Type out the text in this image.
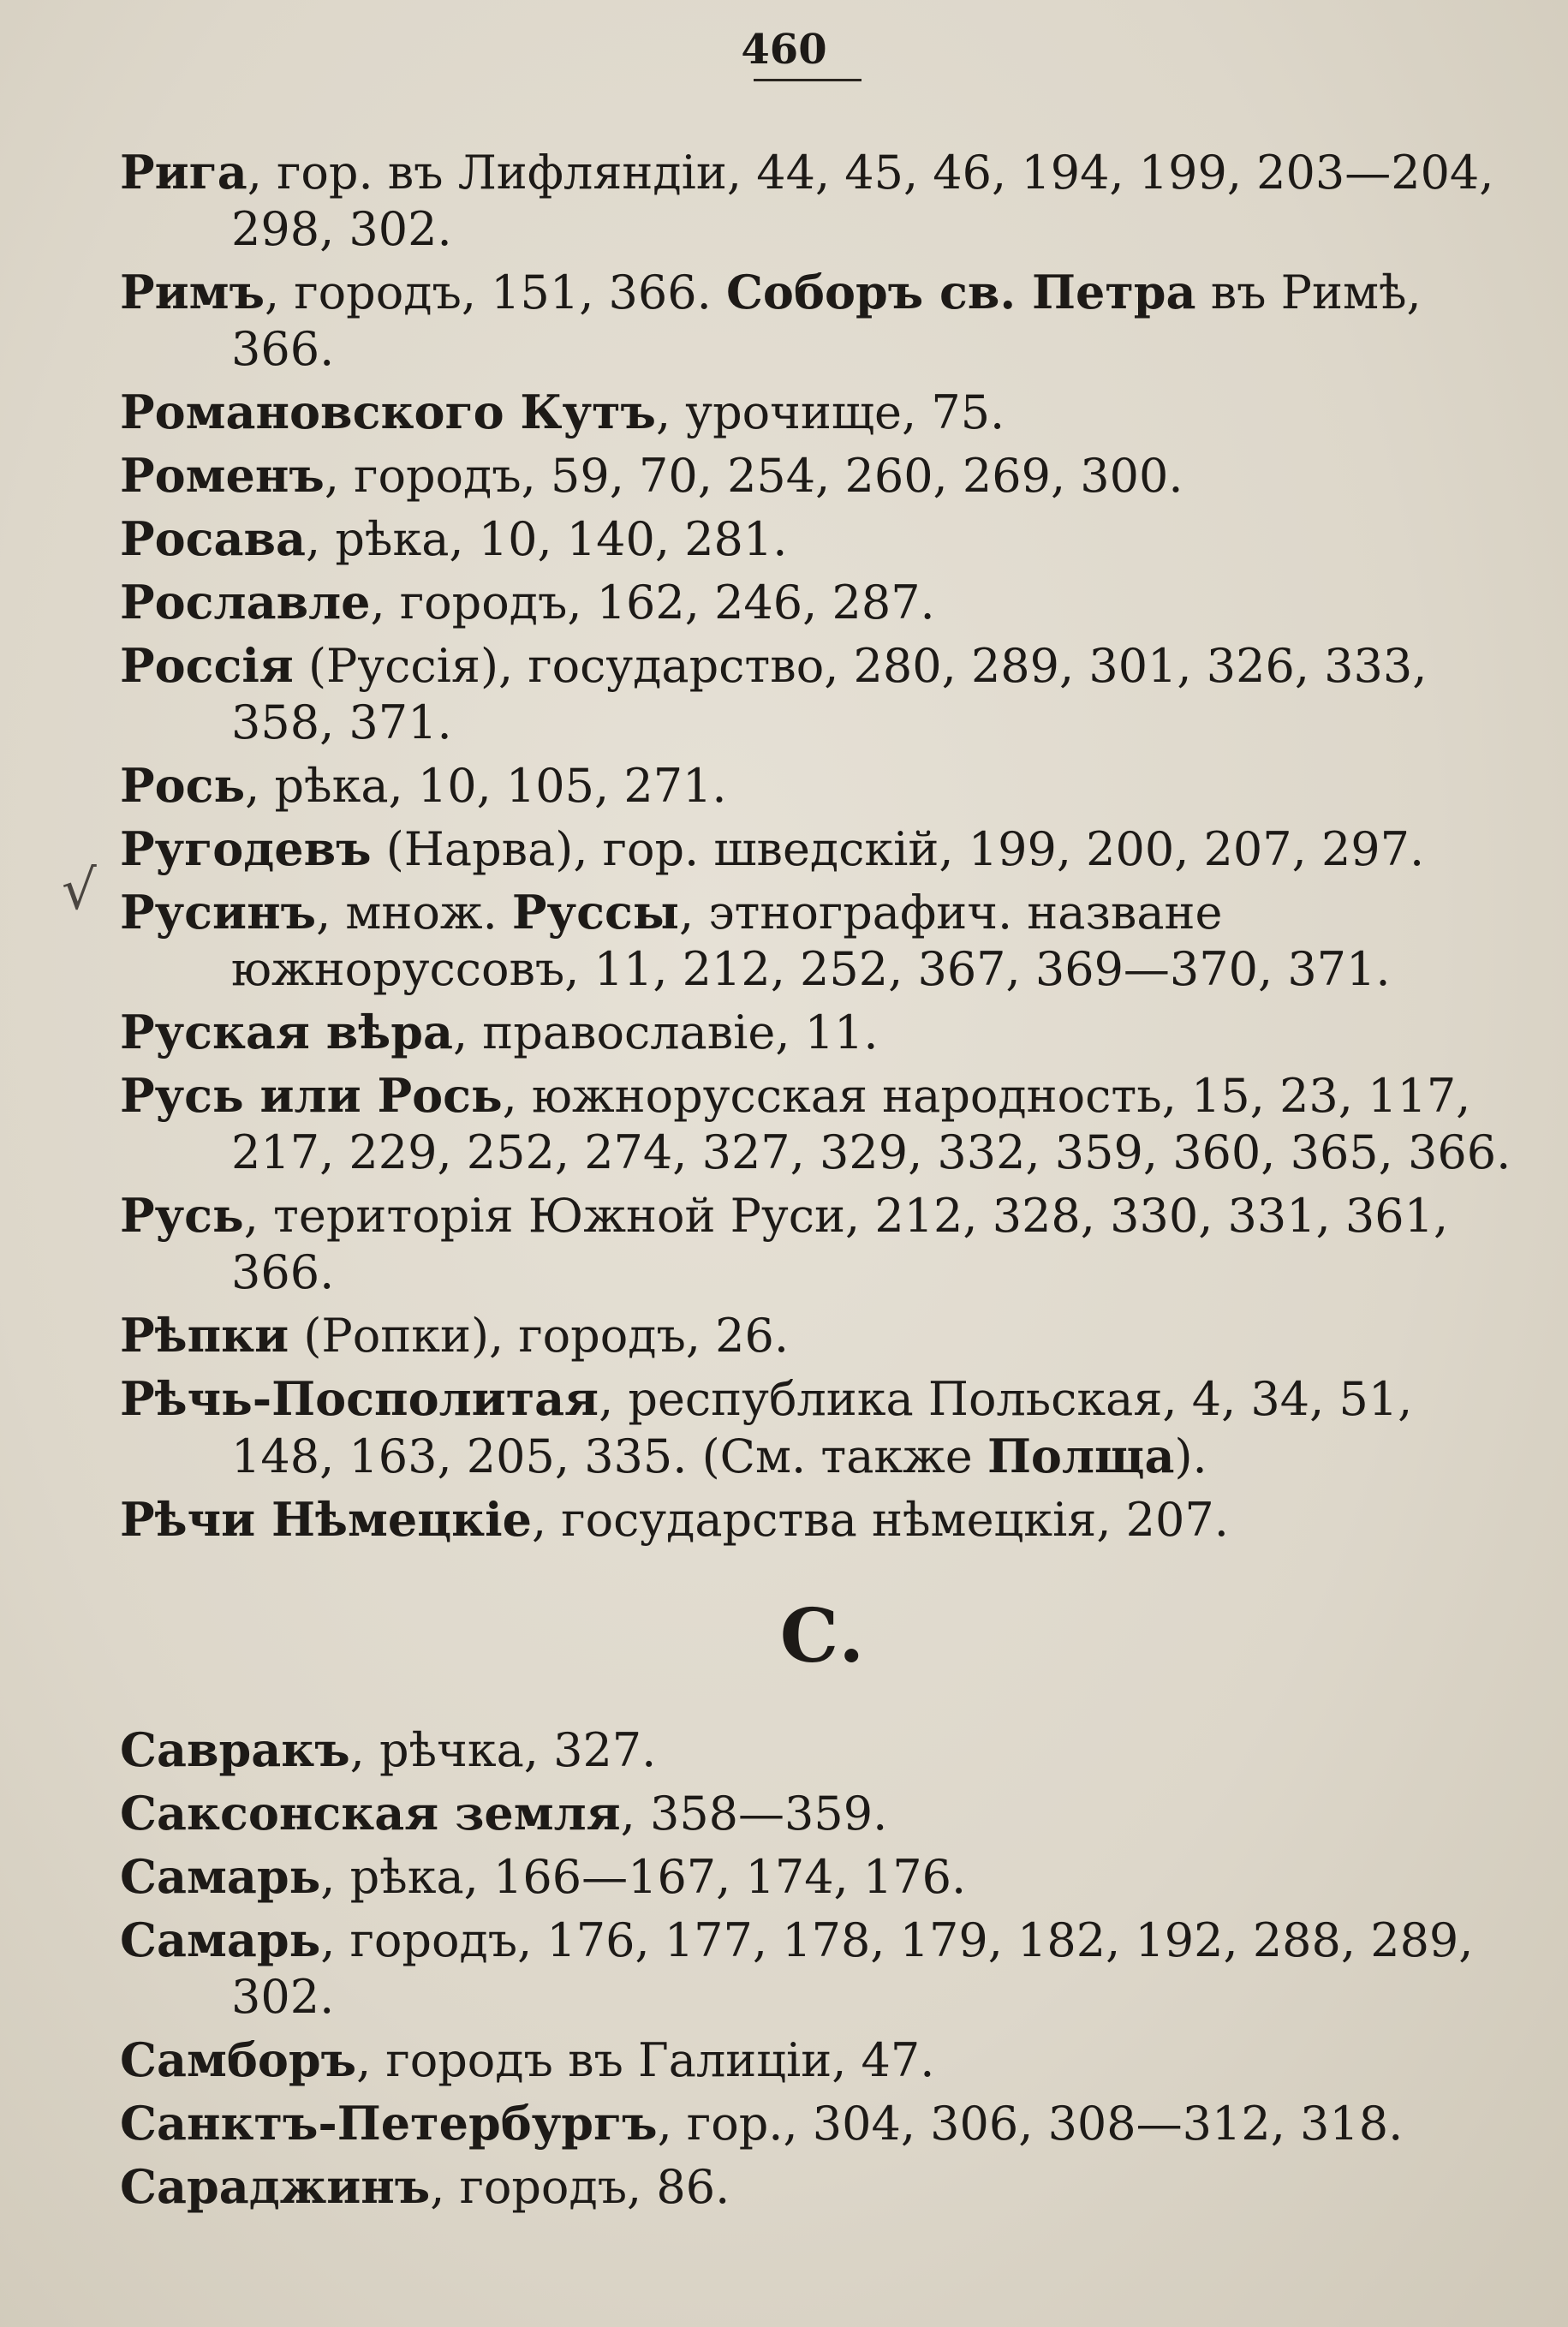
460
√
Рига, гор. въ Лифляндіи, 44, 45, 46, 194, 199, 203—204, 298, 302.
Римъ, городъ, 151, 366. Соборъ св. Петра въ Римѣ, 366.
Романовского Кутъ, урочище, 75.
Роменъ, городъ, 59, 70, 254, 260, 269, 300.
Росава, рѣка, 10, 140, 281.
Рославле, городъ, 162, 246, 287.
Россія (Руссія), государство, 280, 289, 301, 326, 333, 358, 371.
Рось, рѣка, 10, 105, 271.
Ругодевъ (Нарва), гор. шведскій, 199, 200, 207, 297.
Русинъ, множ. Руссы, этнографич. назване южноруссовъ, 11, 212, 252, 367, 369—370, 371.
Руская вѣра, православіе, 11.
Русь или Рось, южнорусская народность, 15, 23, 117, 217, 229, 252, 274, 327, 329, 332, 359, 360, 365, 366.
Русь, територія Южной Руси, 212, 328, 330, 331, 361, 366.
Рѣпки (Ропки), городъ, 26.
Рѣчь-Посполитая, республика Польская, 4, 34, 51, 148, 163, 205, 335. (См. также Полща).
Рѣчи Нѣмецкіе, государства нѣмецкія, 207.
С.
Савракъ, рѣчка, 327.
Саксонская земля, 358—359.
Самарь, рѣка, 166—167, 174, 176.
Самарь, городъ, 176, 177, 178, 179, 182, 192, 288, 289, 302.
Самборъ, городъ въ Галиціи, 47.
Санктъ-Петербургъ, гор., 304, 306, 308—312, 318.
Сараджинъ, городъ, 86.
